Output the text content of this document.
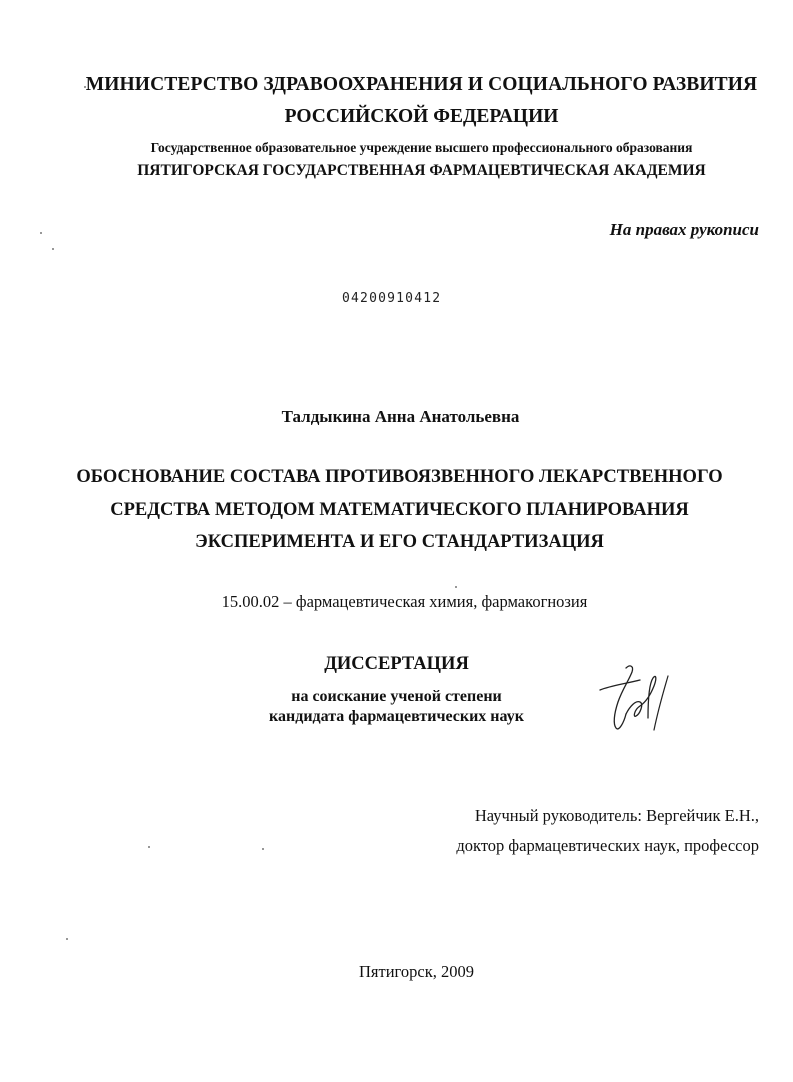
МИНИСТЕРСТВО ЗДРАВООХРАНЕНИЯ И СОЦИАЛЬНОГО РАЗВИТИЯ
РОССИЙСКОЙ ФЕДЕРАЦИИ
Государственное образовательное учреждение высшего профессионального образования
ПЯТИГОРСКАЯ ГОСУДАРСТВЕННАЯ ФАРМАЦЕВТИЧЕСКАЯ АКАДЕМИЯ
На правах рукописи
04200910412
Талдыкина Анна Анатольевна
ОБОСНОВАНИЕ СОСТАВА ПРОТИВОЯЗВЕННОГО ЛЕКАРСТВЕННОГО
СРЕДСТВА МЕТОДОМ МАТЕМАТИЧЕСКОГО ПЛАНИРОВАНИЯ
ЭКСПЕРИМЕНТА И ЕГО СТАНДАРТИЗАЦИЯ
15.00.02 – фармацевтическая химия, фармакогнозия
ДИССЕРТАЦИЯ
на соискание ученой степени
кандидата фармацевтических наук
Научный руководитель: Вергейчик Е.Н.,
доктор фармацевтических наук, профессор
Пятигорск, 2009
